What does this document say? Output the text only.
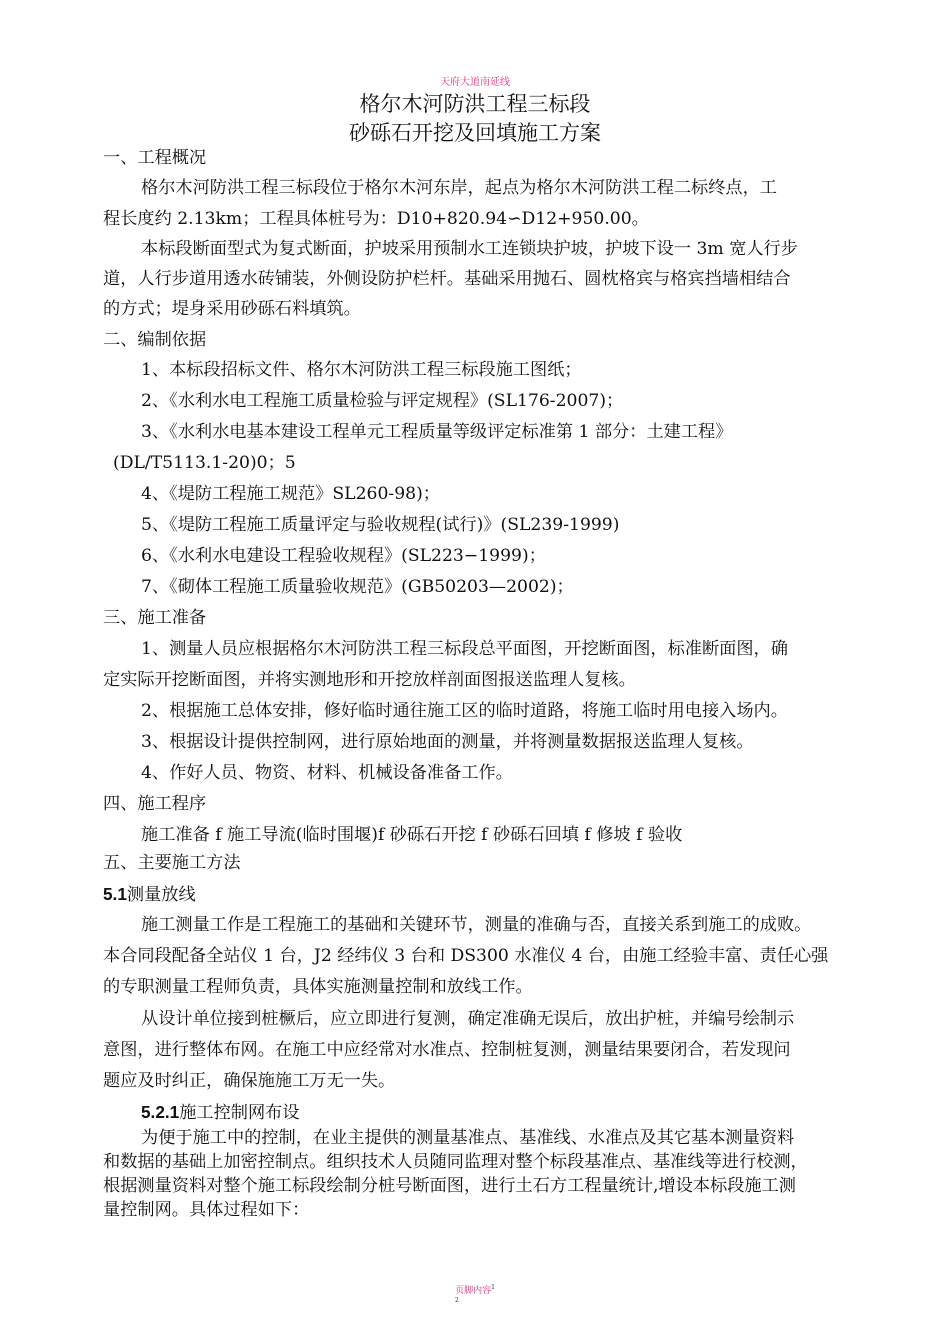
天府大道南延线
格尔木河防洪工程三标段
砂砾石开挖及回填施工方案
一、工程概况
格尔木河防洪工程三标段位于格尔木河东岸，起点为格尔木河防洪工程二标终点，工
程长度约 2.13km；工程具体桩号为：D10+820.94∽D12+950.00。
本标段断面型式为复式断面，护坡采用预制水工连锁块护坡，护坡下设一 3m 宽人行步
道，人行步道用透水砖铺装，外侧设防护栏杆。基础采用抛石、圆枕格宾与格宾挡墙相结合
的方式；堤身采用砂砾石料填筑。
二、编制依据
1、本标段招标文件、格尔木河防洪工程三标段施工图纸；
2、《水利水电工程施工质量检验与评定规程》(SL176-2007)；
3、《水利水电基本建设工程单元工程质量等级评定标准第 1 部分：土建工程》
(DL/T5113.1-20)0；5
4、《堤防工程施工规范》SL260-98)；
5、《堤防工程施工质量评定与验收规程(试行)》(SL239-1999)
6、《水利水电建设工程验收规程》(SL223−1999)；
7、《砌体工程施工质量验收规范》(GB50203—2002)；
三、施工准备
1、测量人员应根据格尔木河防洪工程三标段总平面图，开挖断面图，标准断面图，确
定实际开挖断面图，并将实测地形和开挖放样剖面图报送监理人复核。
2、根据施工总体安排，修好临时通往施工区的临时道路，将施工临时用电接入场内。
3、根据设计提供控制网，进行原始地面的测量，并将测量数据报送监理人复核。
4、作好人员、物资、材料、机械设备准备工作。
四、施工程序
施工准备 f 施工导流(临时围堰)f 砂砾石开挖 f 砂砾石回填 f 修坡 f 验收
五、主要施工方法
5.1测量放线
施工测量工作是工程施工的基础和关键环节，测量的准确与否，直接关系到施工的成败。
本合同段配备全站仪 1 台，J2 经纬仪 3 台和 DS300 水准仪 4 台，由施工经验丰富、责任心强
的专职测量工程师负责，具体实施测量控制和放线工作。
从设计单位接到桩橛后，应立即进行复测，确定准确无误后，放出护桩，并编号绘制示
意图，进行整体布网。在施工中应经常对水准点、控制桩复测，测量结果要闭合，若发现问
题应及时纠正，确保施施工万无一失。
5.2.1施工控制网布设
为便于施工中的控制，在业主提供的测量基准点、基准线、水准点及其它基本测量资料
和数据的基础上加密控制点。组织技术人员随同监理对整个标段基准点、基准线等进行校测，
根据测量资料对整个施工标段绘制分桩号断面图，进行土石方工程量统计,增设本标段施工测
量控制网。具体过程如下：
页脚内容$^1$
2
